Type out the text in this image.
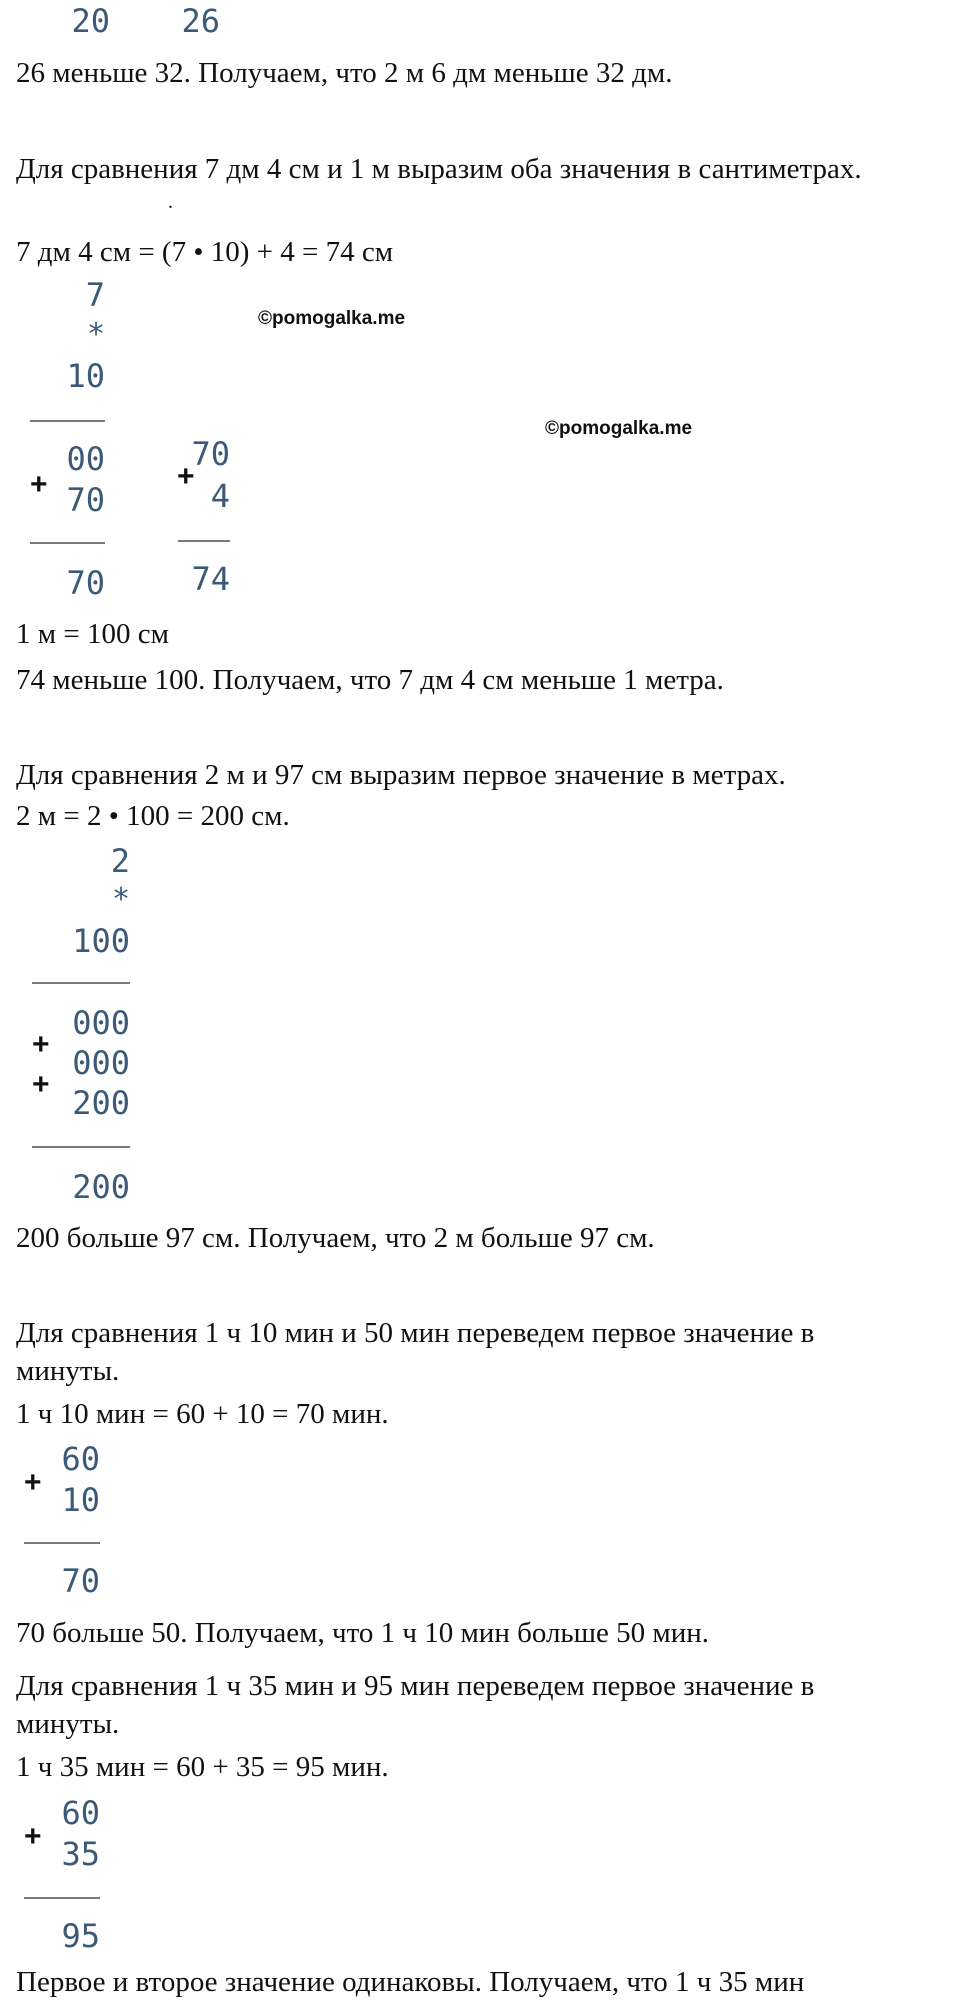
20	26

26 меньше 32. Получаем, что 2 м 6 дм меньше 32 дм.

Для сравнения 7 дм 4 см и 1 м выразим оба значения в сантиметрах.

.

7 дм 4 см = (7 • 10) + 4 = 74 см

7

*

10

+

00

70

70

+

70

4

74

©pomogalka.me

©pomogalka.me

1 м = 100 см

74 меньше 100. Получаем, что 7 дм 4 см меньше 1 метра.

Для сравнения 2 м и 97 см выразим первое значение в метрах.

2 м = 2 • 100 = 200 см.

2

*

100

000

+ 000

+ 200

200

200 больше 97 см. Получаем, что 2 м больше 97 см.

Для сравнения 1 ч 10 мин и 50 мин переведем первое значение в

минуты.

1 ч 10 мин = 60 + 10 = 70 мин.

+

60

10

70

70 больше 50. Получаем, что 1 ч 10 мин больше 50 мин.

Для сравнения 1 ч 35 мин и 95 мин переведем первое значение в

минуты.

1 ч 35 мин = 60 + 35 = 95 мин.

+

60

35

95

Первое и второе значение одинаковы. Получаем, что 1 ч 35 мин
